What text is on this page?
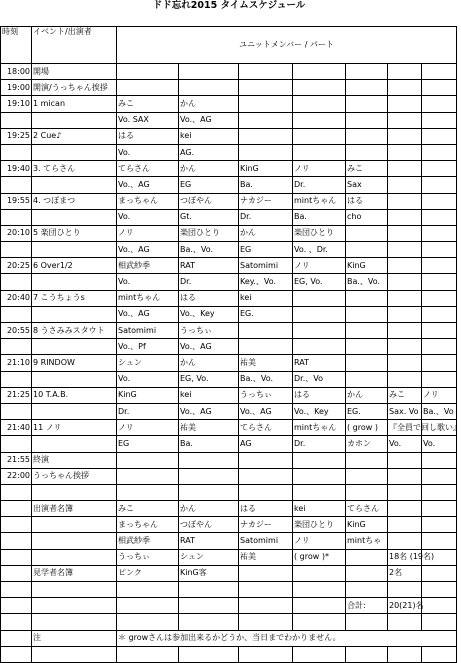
ドド忘れ2015 タイムスケジュール
時刻	イベント/出演者	ユニットメンバー / パート						
18:00	開場							
19:00	開演/うっちゃん挨拶							
19:10	1 mican	みこ	かん					
		Vo. SAX	Vo.、AG					
19:25	2 Cue♪	はる	kei					
		Vo.	AG.					
19:40	3. てらさん	てらさん	かん	KinG	ノリ	みこ		
		Vo.、AG	EG	Ba.	Dr.	Sax		
19:55	4. つぼまつ	まっちゃん	つぼやん	ナカジー	mintちゃん	はる		
		Vo.	Gt.	Dr.	Ba.	cho		
20:10	5 楽団ひとり	ノリ	楽団ひとり	かん	楽団ひとり			
		Vo.、AG	Ba.、Vo.	EG	Vo. 、Dr.			
20:25	6 Over1/2	相武紗季	RAT	Satomimi	ノリ	KinG		
		Vo.	Dr.	Key.、Vo.	EG, Vo.	Ba.、Vo.		
20:40	7 こうちょうs	mintちゃん	はる	kei				
		Vo.、AG	Vo.、Key	EG.				
20:55	8 うさみみスタウト	Satomimi	うっちぃ					
		Vo.、Pf	Vo.、AG					
21:10	9 RINDOW	シュン	かん	祐美	RAT			
		Vo.	EG, Vo.	Ba.、Vo.	Dr.、Vo			
21:25	10 T.A.B.	KinG	kei	うっちぃ	はる	かん	みこ	ノリ
		Dr.	Vo.、AG	Vo.、AG	Vo.、Key	EG.	Sax. Vo	Ba.、Vo
21:40	11 ノリ	ノリ	祐美	てらさん	mintちゃん	( grow )	『全員で回し歌い』	
		EG	Ba.	AG	Dr.	カホン	Vo.	Vo.
21:55	終演							
22:00	うっちゃん挨拶							

	出演者名簿	みこ	かん	はる	kei	てらさん		
		まっちゃん	つぼやん	ナカジー	楽団ひとり	KinG		
		相武紗季	RAT	Satomimi	ノリ	mintちゃ		
		うっちぃ	シュン	祐美	( grow )*		18名 (19名)	
	見学者名簿	ピンク	KinG客				2名	

						合計:	20(21)名	

	注	＊ growさんは参加出来るかどうか、当日までわかりません。						
